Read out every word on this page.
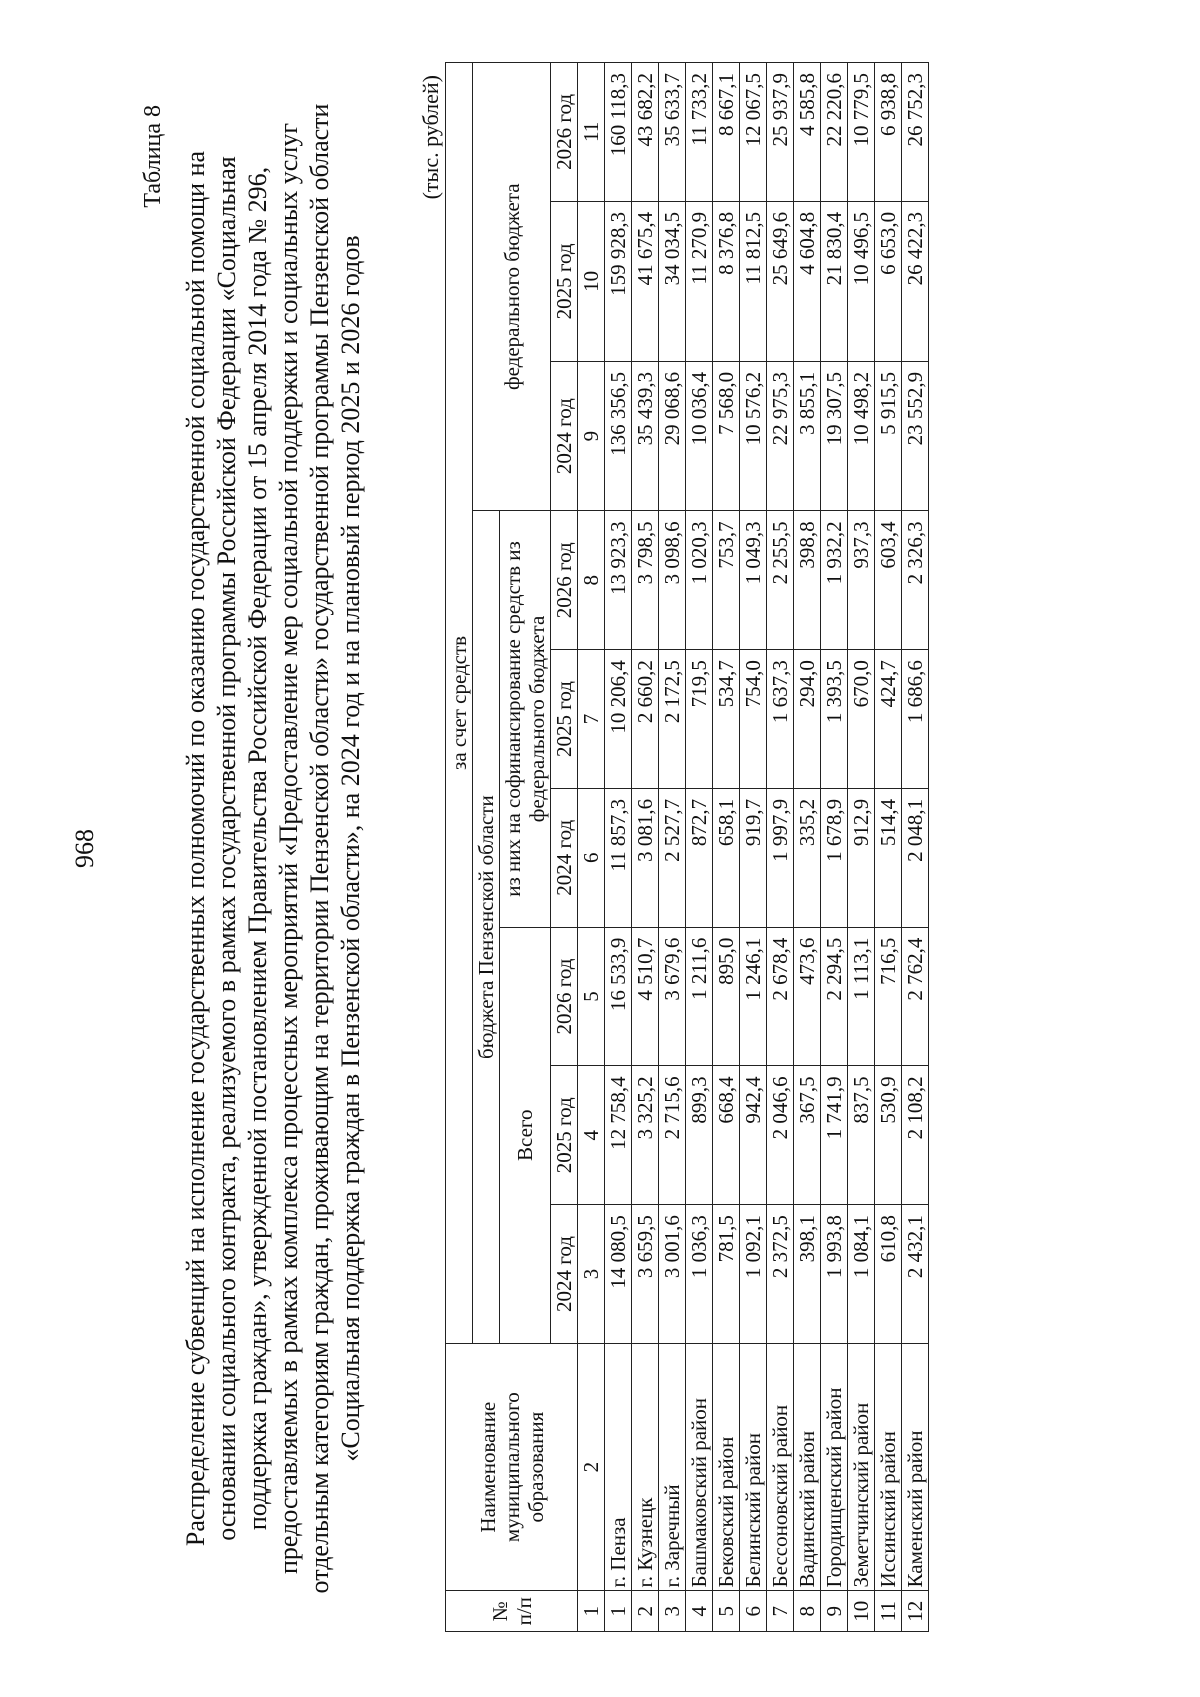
968
Таблица 8 Распределение субвенций на исполнение государственных полномочий по оказанию государственной социальной помощи на основании социального контракта, реализуемого в рамках государственной программы Российской Федерации «Социальная поддержка граждан», утвержденной постановлением Правительства Российской Федерации от 15 апреля 2014 года № 296, предоставляемых в рамках комплекса процессных мероприятий «Предоставление мер социальной поддержки и социальных услуг отдельным категориям граждан, проживающим на территории Пензенской области» государственной программы Пензенской области «Социальная поддержка граждан в Пензенской области», на 2024 год и на плановый период 2025 и 2026 годов
(тыс. рублей)
№ п/п	Наименование муниципального образования	за счет средств								
		бюджета Пензенской области						федерального бюджета		
		Всего			из них на софинансирование средств из федерального бюджета					
		2024 год	2025 год	2026 год	2024 год	2025 год	2026 год	2024 год	2025 год	2026 год
1	2	3	4	5	6	7	8	9	10	11
1	г. Пенза	14 080,5	12 758,4	16 533,9	11 857,3	10 206,4	13 923,3	136 356,5	159 928,3	160 118,3
2	г. Кузнецк	3 659,5	3 325,2	4 510,7	3 081,6	2 660,2	3 798,5	35 439,3	41 675,4	43 682,2
3	г. Заречный	3 001,6	2 715,6	3 679,6	2 527,7	2 172,5	3 098,6	29 068,6	34 034,5	35 633,7
4	Башмаковский район	1 036,3	899,3	1 211,6	872,7	719,5	1 020,3	10 036,4	11 270,9	11 733,2
5	Бековский район	781,5	668,4	895,0	658,1	534,7	753,7	7 568,0	8 376,8	8 667,1
6	Белинский район	1 092,1	942,4	1 246,1	919,7	754,0	1 049,3	10 576,2	11 812,5	12 067,5
7	Бессоновский район	2 372,5	2 046,6	2 678,4	1 997,9	1 637,3	2 255,5	22 975,3	25 649,6	25 937,9
8	Вадинский район	398,1	367,5	473,6	335,2	294,0	398,8	3 855,1	4 604,8	4 585,8
9	Городищенский район	1 993,8	1 741,9	2 294,5	1 678,9	1 393,5	1 932,2	19 307,5	21 830,4	22 220,6
10	Земетчинский район	1 084,1	837,5	1 113,1	912,9	670,0	937,3	10 498,2	10 496,5	10 779,5
11	Иссинский район	610,8	530,9	716,5	514,4	424,7	603,4	5 915,5	6 653,0	6 938,8
12	Каменский район	2 432,1	2 108,2	2 762,4	2 048,1	1 686,6	2 326,3	23 552,9	26 422,3	26 752,3
